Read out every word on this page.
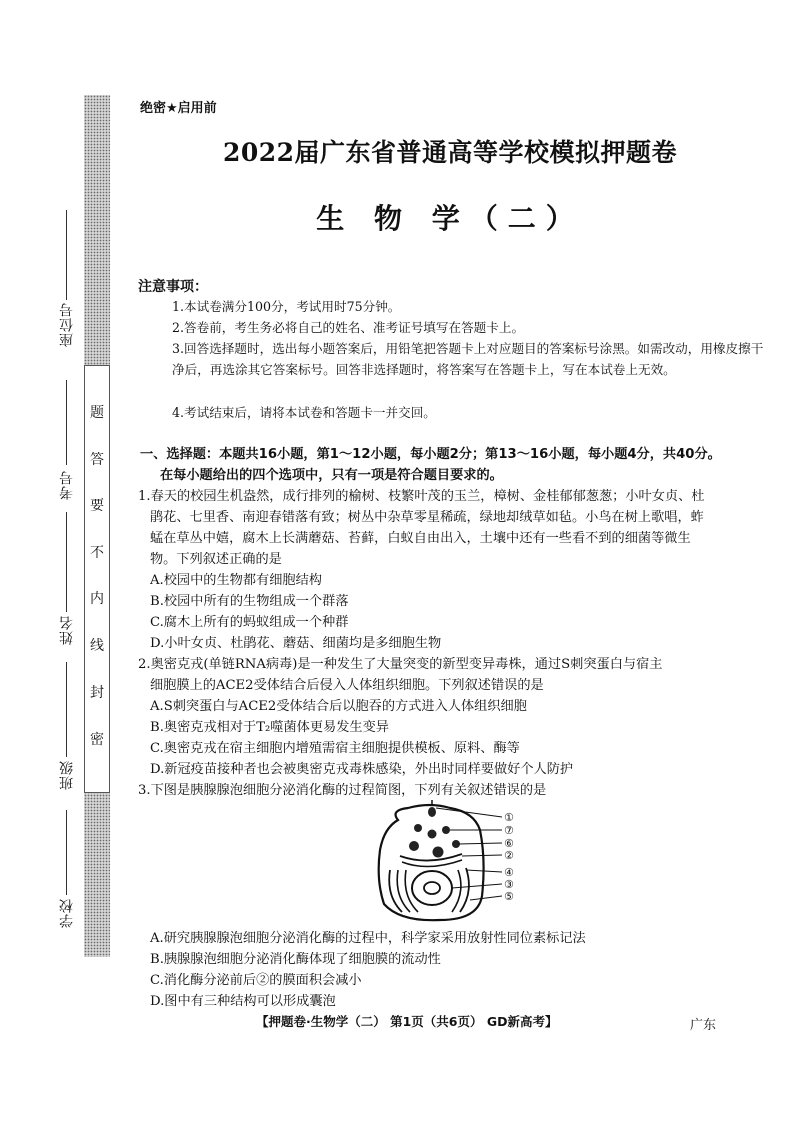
题
答
要
不
内
线
封
密
座位号
考号
姓名
班级
学校
绝密★启用前
2022届广东省普通高等学校模拟押题卷
生 物 学（二）
注意事项：
1.本试卷满分100分，考试用时75分钟。
2.答卷前，考生务必将自己的姓名、准考证号填写在答题卡上。
3.回答选择题时，选出每小题答案后，用铅笔把答题卡上对应题目的答案标号涂黑。如需改动，用橡皮擦干净后，再选涂其它答案标号。回答非选择题时，将答案写在答题卡上，写在本试卷上无效。
4.考试结束后，请将本试卷和答题卡一并交回。
一、选择题：本题共16小题，第1～12小题，每小题2分；第13～16小题，每小题4分，共40分。
在每小题给出的四个选项中，只有一项是符合题目要求的。
1.春天的校园生机盎然，成行排列的榆树、枝繁叶茂的玉兰，樟树、金桂郁郁葱葱；小叶女贞、杜
鹃花、七里香、南迎春错落有致；树丛中杂草零星稀疏，绿地却绒草如毡。小鸟在树上歌唱，蚱
蜢在草丛中嬉，腐木上长满蘑菇、苔藓，白蚁自由出入，土壤中还有一些看不到的细菌等微生
物。下列叙述正确的是
A.校园中的生物都有细胞结构
B.校园中所有的生物组成一个群落
C.腐木上所有的蚂蚁组成一个种群
D.小叶女贞、杜鹃花、蘑菇、细菌均是多细胞生物
2.奥密克戎(单链RNA病毒)是一种发生了大量突变的新型变异毒株，通过S刺突蛋白与宿主
细胞膜上的ACE2受体结合后侵入人体组织细胞。下列叙述错误的是
A.S刺突蛋白与ACE2受体结合后以胞吞的方式进入人体组织细胞
B.奥密克戎相对于T₂噬菌体更易发生变异
C.奥密克戎在宿主细胞内增殖需宿主细胞提供模板、原料、酶等
D.新冠疫苗接种者也会被奥密克戎毒株感染，外出时同样要做好个人防护
3.下图是胰腺腺泡细胞分泌消化酶的过程简图，下列有关叙述错误的是
①
⑦
⑥
②
④
③
⑤
A.研究胰腺腺泡细胞分泌消化酶的过程中，科学家采用放射性同位素标记法
B.胰腺腺泡细胞分泌消化酶体现了细胞膜的流动性
C.消化酶分泌前后②的膜面积会减小
D.图中有三种结构可以形成囊泡
【押题卷·生物学（二） 第1页（共6页） GD新高考】	广东
